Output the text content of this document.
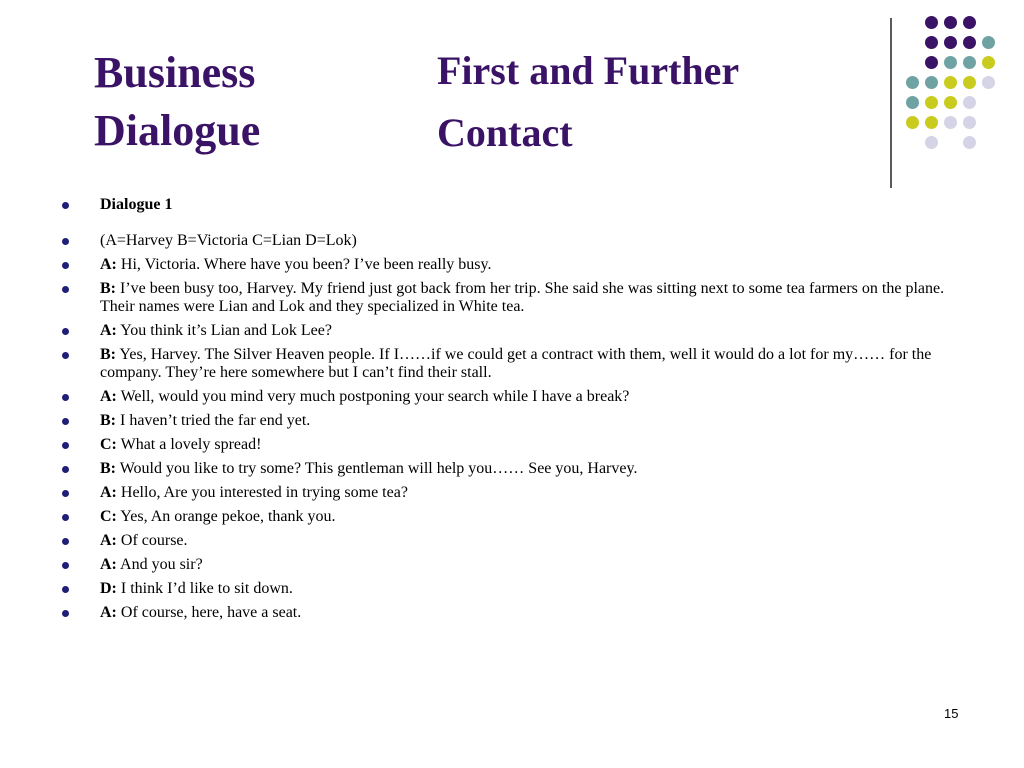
Business
Dialogue
First and Further
Contact
Dialogue 1
(A=Harvey B=Victoria C=Lian D=Lok)
A: Hi, Victoria. Where have you been? I’ve been really busy.
B: I’ve been busy too, Harvey. My friend just got back from her trip. She said she was sitting next to some tea farmers on the plane. Their names were Lian and Lok and they specialized in White tea.
A: You think it’s Lian and Lok Lee?
B: Yes, Harvey. The Silver Heaven people. If I……if we could get a contract with them, well it would do a lot for my…… for the company. They’re here somewhere but I can’t find their stall.
A: Well, would you mind very much postponing your search while I have a break?
B: I haven’t tried the far end yet.
C: What a lovely spread!
B: Would you like to try some? This gentleman will help you…… See you, Harvey.
A: Hello, Are you interested in trying some tea?
C: Yes, An orange pekoe, thank you.
A: Of course.
A: And you sir?
D: I think I’d like to sit down.
A: Of course, here, have a seat.
15
